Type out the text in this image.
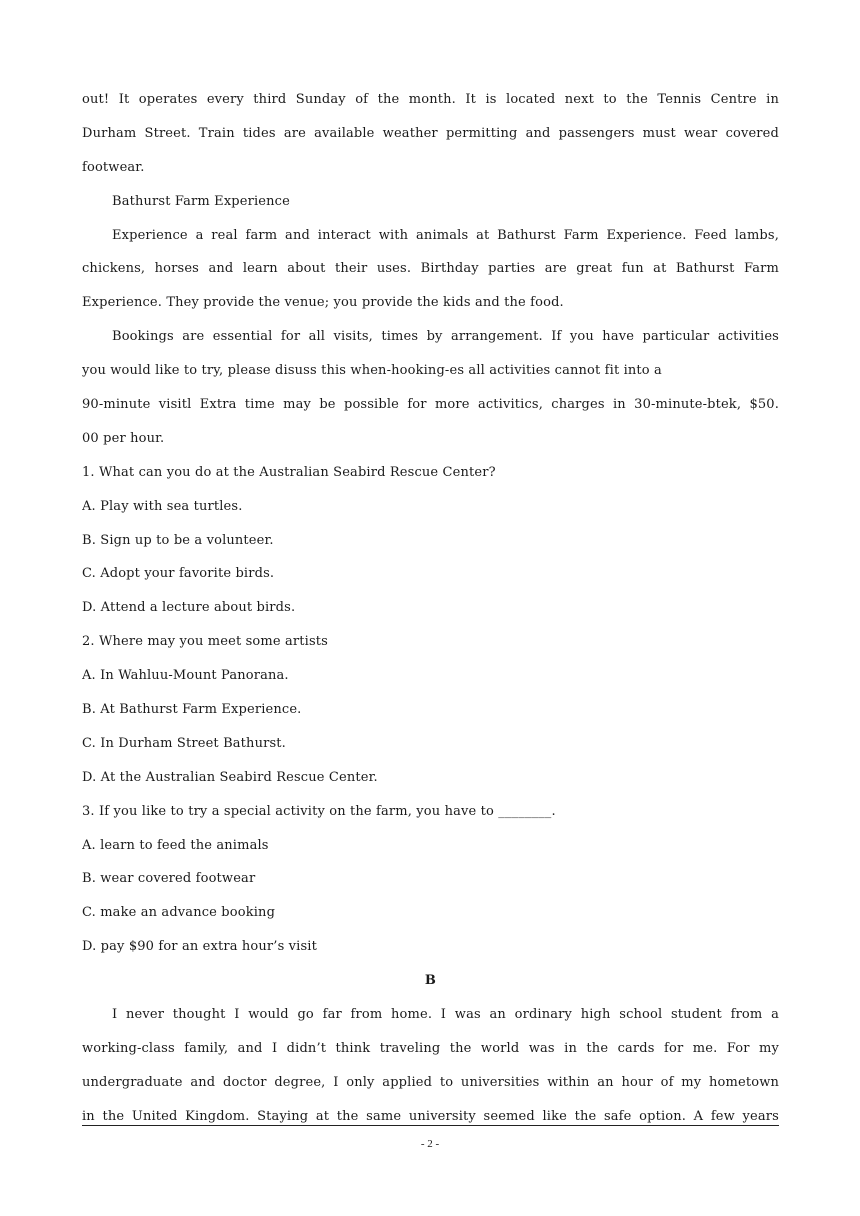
out! It operates every third Sunday of the month. It is located next to the Tennis Centre in
Durham Street. Train tides are available weather permitting and passengers must wear covered
footwear.
Bathurst Farm Experience
Experience a real farm and interact with animals at Bathurst Farm Experience. Feed lambs,
chickens, horses and learn about their uses. Birthday parties are great fun at Bathurst Farm
Experience. They provide the venue; you provide the kids and the food.
Bookings are essential for all visits, times by arrangement. If you have particular activities
you would like to try, please disuss this when-hooking-es all activities cannot fit into a
90-minute visitl Extra time may be possible for more activitics, charges in 30-minute-btek, $50.
00 per hour.
1. What can you do at the Australian Seabird Rescue Center?
A. Play with sea turtles.
B. Sign up to be a volunteer.
C. Adopt your favorite birds.
D. Attend a lecture about birds.
2. Where may you meet some artists
A. In Wahluu-Mount Panorana.
B. At Bathurst Farm Experience.
C. In Durham Street Bathurst.
D. At the Australian Seabird Rescue Center.
3. If you like to try a special activity on the farm, you have to ________.
A. learn to feed the animals
B. wear covered footwear
C. make an advance booking
D. pay $90 for an extra hour’s visit
B
I never thought I would go far from home. I was an ordinary high school student from a
working-class family, and I didn’t think traveling the world was in the cards for me. For my
undergraduate and doctor degree, I only applied to universities within an hour of my hometown
in the United Kingdom. Staying at the same university seemed like the safe option. A few years
- 2 -
